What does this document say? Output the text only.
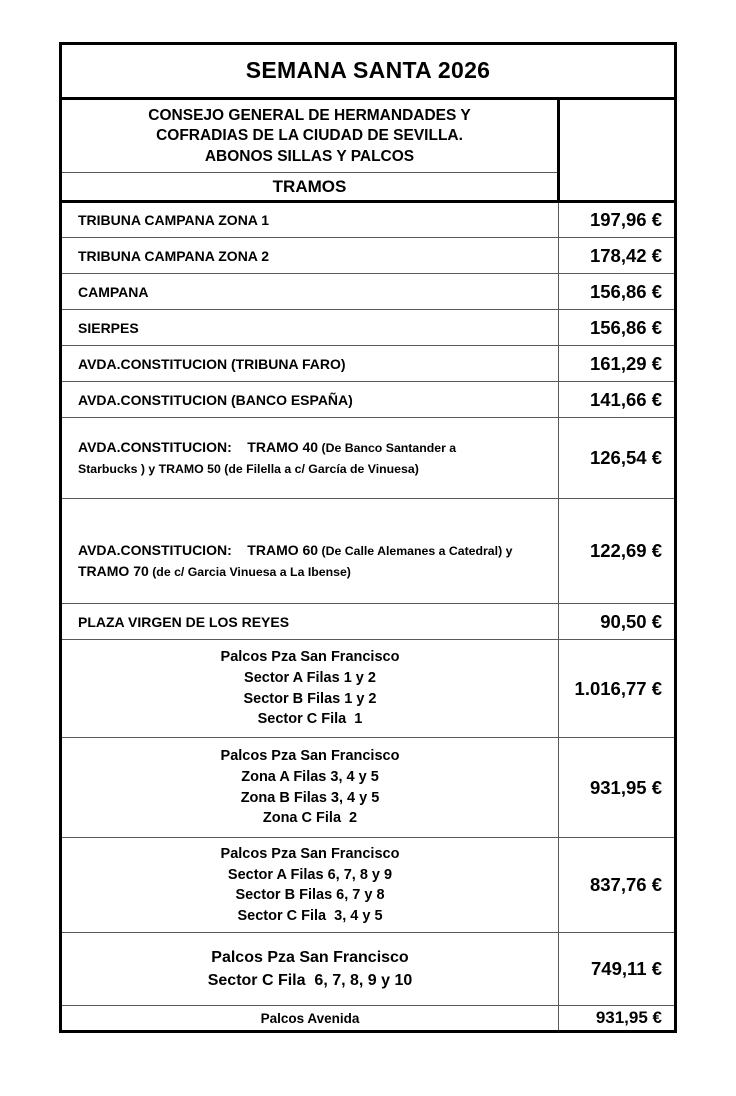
SEMANA SANTA 2026	

CONSEJO GENERAL DE HERMANDADES Y
COFRADIAS DE LA CIUDAD DE SEVILLA.
ABONOS SILLAS Y PALCOS	

TRAMOS	
TRIBUNA CAMPANA ZONA 1	197,96 €
TRIBUNA CAMPANA ZONA 2	178,42 €
CAMPANA	156,86 €
SIERPES	156,86 €
AVDA.CONSTITUCION (TRIBUNA FARO)	161,29 €
AVDA.CONSTITUCION (BANCO ESPAÑA)	141,66 €
AVDA.CONSTITUCION: TRAMO 40 (De Banco Santander a
Starbucks ) y TRAMO 50 (de Filella a c/ García de Vinuesa)	126,54 €
AVDA.CONSTITUCION: TRAMO 60 (De Calle Alemanes a Catedral) y
TRAMO 70 (de c/ Garcia Vinuesa a La Ibense)	122,69 €
PLAZA VIRGEN DE LOS REYES	90,50 €

Palcos Pza San Francisco
Sector A Filas 1 y 2
Sector B Filas 1 y 2
Sector C Fila  1	1.016,77 €

Palcos Pza San Francisco
Zona A Filas 3, 4 y 5
Zona B Filas 3, 4 y 5
Zona C Fila  2	931,95 €

Palcos Pza San Francisco
Sector A Filas 6, 7, 8 y 9
Sector B Filas 6, 7 y 8
Sector C Fila  3, 4 y 5	837,76 €

Palcos Pza San Francisco
Sector C Fila  6, 7, 8, 9 y 10	749,11 €
Palcos Avenida	931,95 €
